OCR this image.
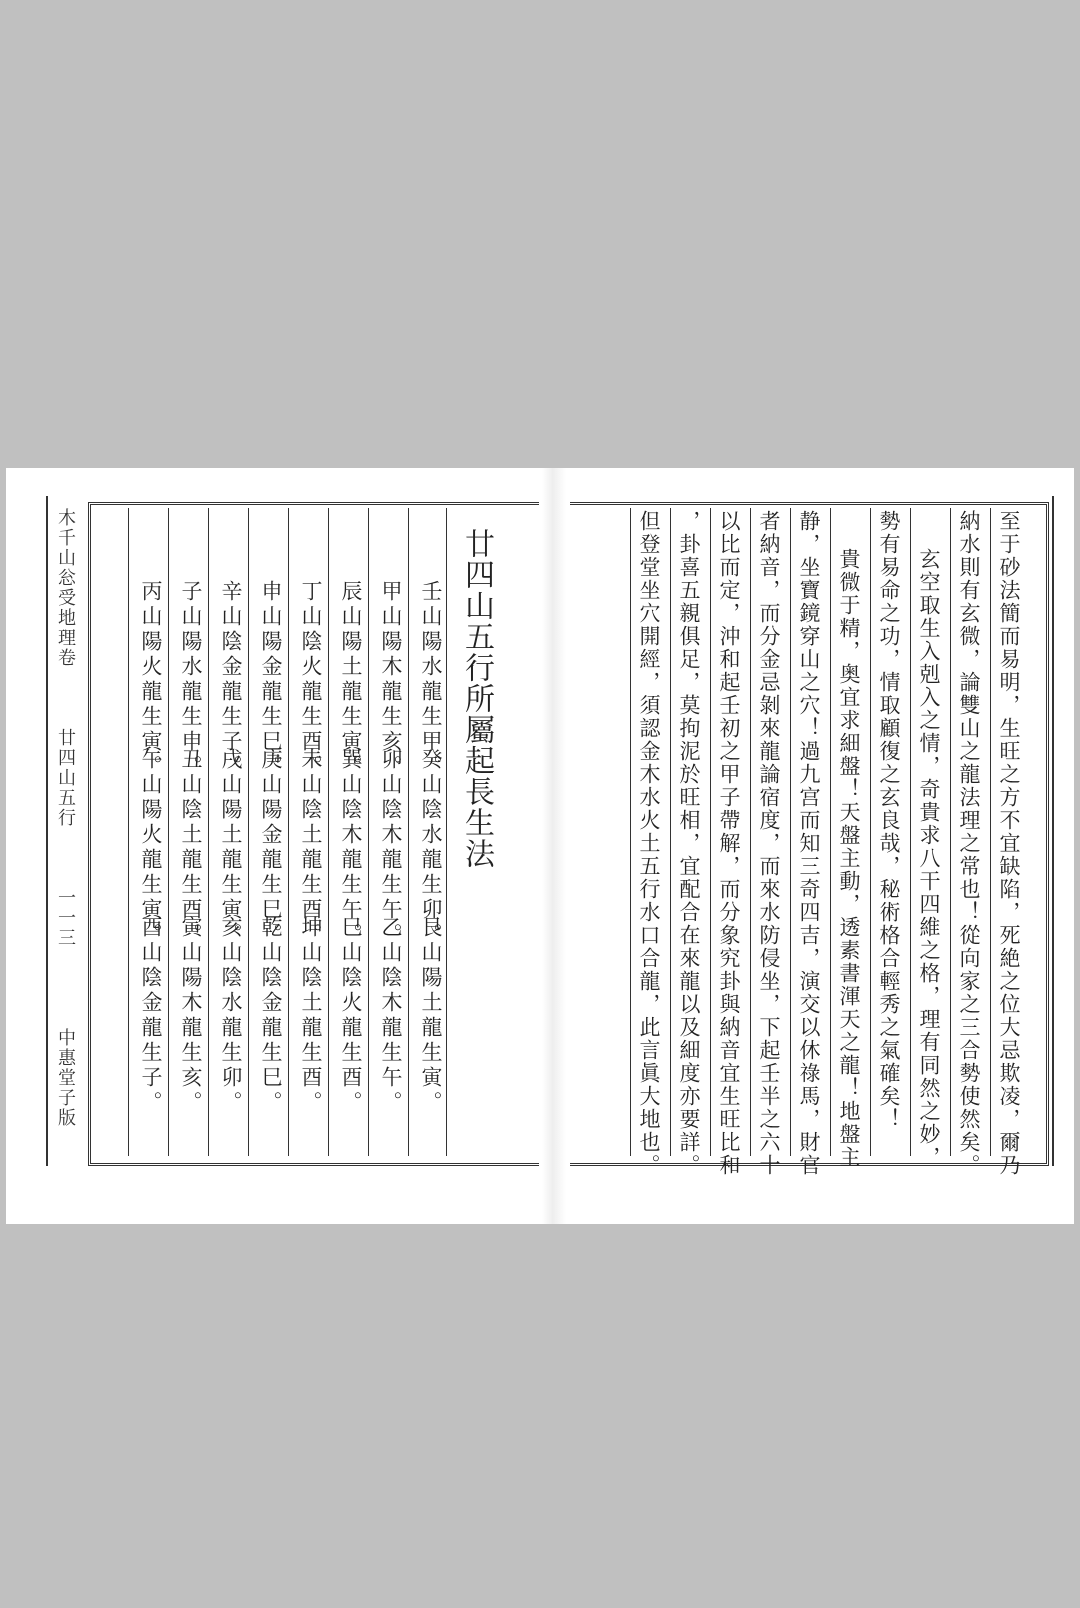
木千山忩受地理卷
廿四山五行
一一三
中惠堂子版
廿四山五行所屬起長生法
壬山陽水龍生甲。
癸山陰水龍生卯。
艮山陽土龍生寅。
甲山陽木龍生亥。
卯山陰木龍生午。
乙山陰木龍生午。
辰山陽土龍生寅。
巽山陰木龍生午。
巳山陰火龍生酉。
丁山陰火龍生酉。
未山陰土龍生酉。
坤山陰土龍生酉。
申山陽金龍生巳。
庚山陽金龍生巳。
乾山陰金龍生巳。
辛山陰金龍生子。
戌山陽土龍生寅。
亥山陰水龍生卯。
子山陽水龍生申。
丑山陰土龍生酉。
寅山陽木龍生亥。
丙山陽火龍生寅。
午山陽火龍生寅。
酉山陰金龍生子。	至于砂法簡而易明，生旺之方不宜缺陷，死絶之位大忌欺凌，爾乃
納水則有玄微，論雙山之龍法理之常也！從向家之三合勢使然矣。
玄空取生入剋入之情，奇貴求八干四維之格，理有同然之妙，
勢有易命之功，情取顧復之玄良哉，秘術格合輕秀之氣確矣！
貴微于精，奥宜求細盤！天盤主動，透素書渾天之龍！地盤主
静，坐寶鏡穿山之穴！過九宫而知三奇四吉，演交以休祿馬，財官
者納音，而分金忌剝來龍論宿度，而來水防侵坐，下起壬半之六十
以比而定，沖和起壬初之甲子帶解，而分象究卦與納音宜生旺比和
，卦喜五親俱足，莫拘泥於旺相，宜配合在來龍以及細度亦要詳。
但登堂坐穴開經，須認金木水火土五行水口合龍，此言眞大地也。
